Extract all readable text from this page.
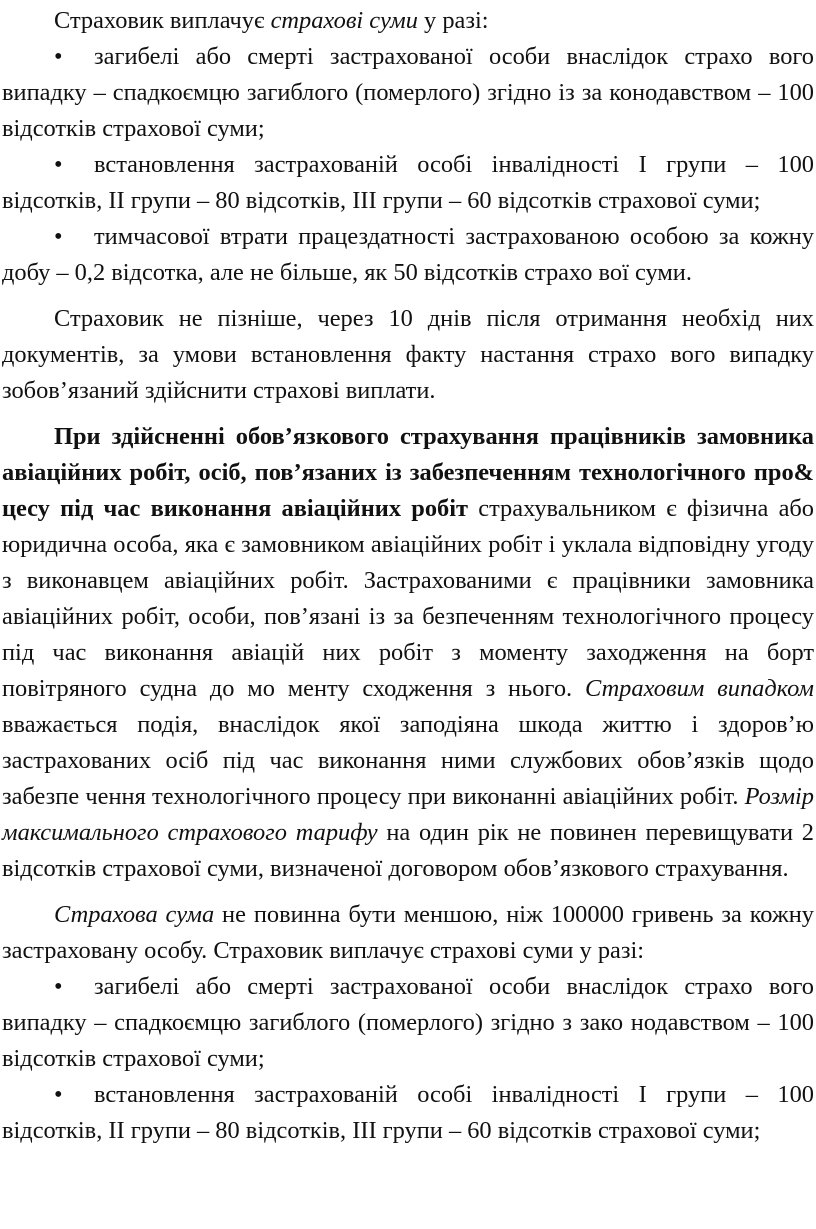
Страховик виплачує страхові суми у разі:

• загибелі або смерті застрахованої особи внаслідок страхо вого випадку – спадкоємцю загиблого (померлого) згідно із за конодавством – 100 відсотків страхової суми;

• встановлення застрахованій особі інвалідності І групи – 100 відсотків, II групи – 80 відсотків, III групи – 60 відсотків страхової суми;

• тимчасової втрати працездатності застрахованою особою за кожну добу – 0,2 відсотка, але не більше, як 50 відсотків страхо вої суми.

Страховик не пізніше, через 10 днів після отримання необхід них документів, за умови встановлення факту настання страхо вого випадку зобов’язаний здійснити страхові виплати.

При здійсненні обов’язкового страхування працівників замовника авіаційних робіт, осіб, пов’язаних із забезпеченням технологічного про& цесу під час виконання авіаційних робіт страхувальником є фізична або юридична особа, яка є замовником авіаційних робіт і уклала відповідну угоду з виконавцем авіаційних робіт. Застрахованими є працівники замовника авіаційних робіт, особи, пов’язані із за безпеченням технологічного процесу під час виконання авіацій них робіт з моменту заходження на борт повітряного судна до мо менту сходження з нього. Страховим випадком вважається подія, внаслідок якої заподіяна шкода життю і здоров’ю застрахованих осіб під час виконання ними службових обов’язків щодо забезпе чення технологічного процесу при виконанні авіаційних робіт. Розмір максимального страхового тарифу на один рік не повинен перевищувати 2 відсотків страхової суми, визначеної договором обов’язкового страхування.

Страхова сума не повинна бути меншою, ніж 100000 гривень за кожну застраховану особу. Страховик виплачує страхові суми у разі:

• загибелі або смерті застрахованої особи внаслідок страхо вого випадку – спадкоємцю загиблого (померлого) згідно з зако нодавством – 100 відсотків страхової суми;

• встановлення застрахованій особі інвалідності І групи – 100 відсотків, II групи – 80 відсотків, III групи – 60 відсотків страхової суми;
